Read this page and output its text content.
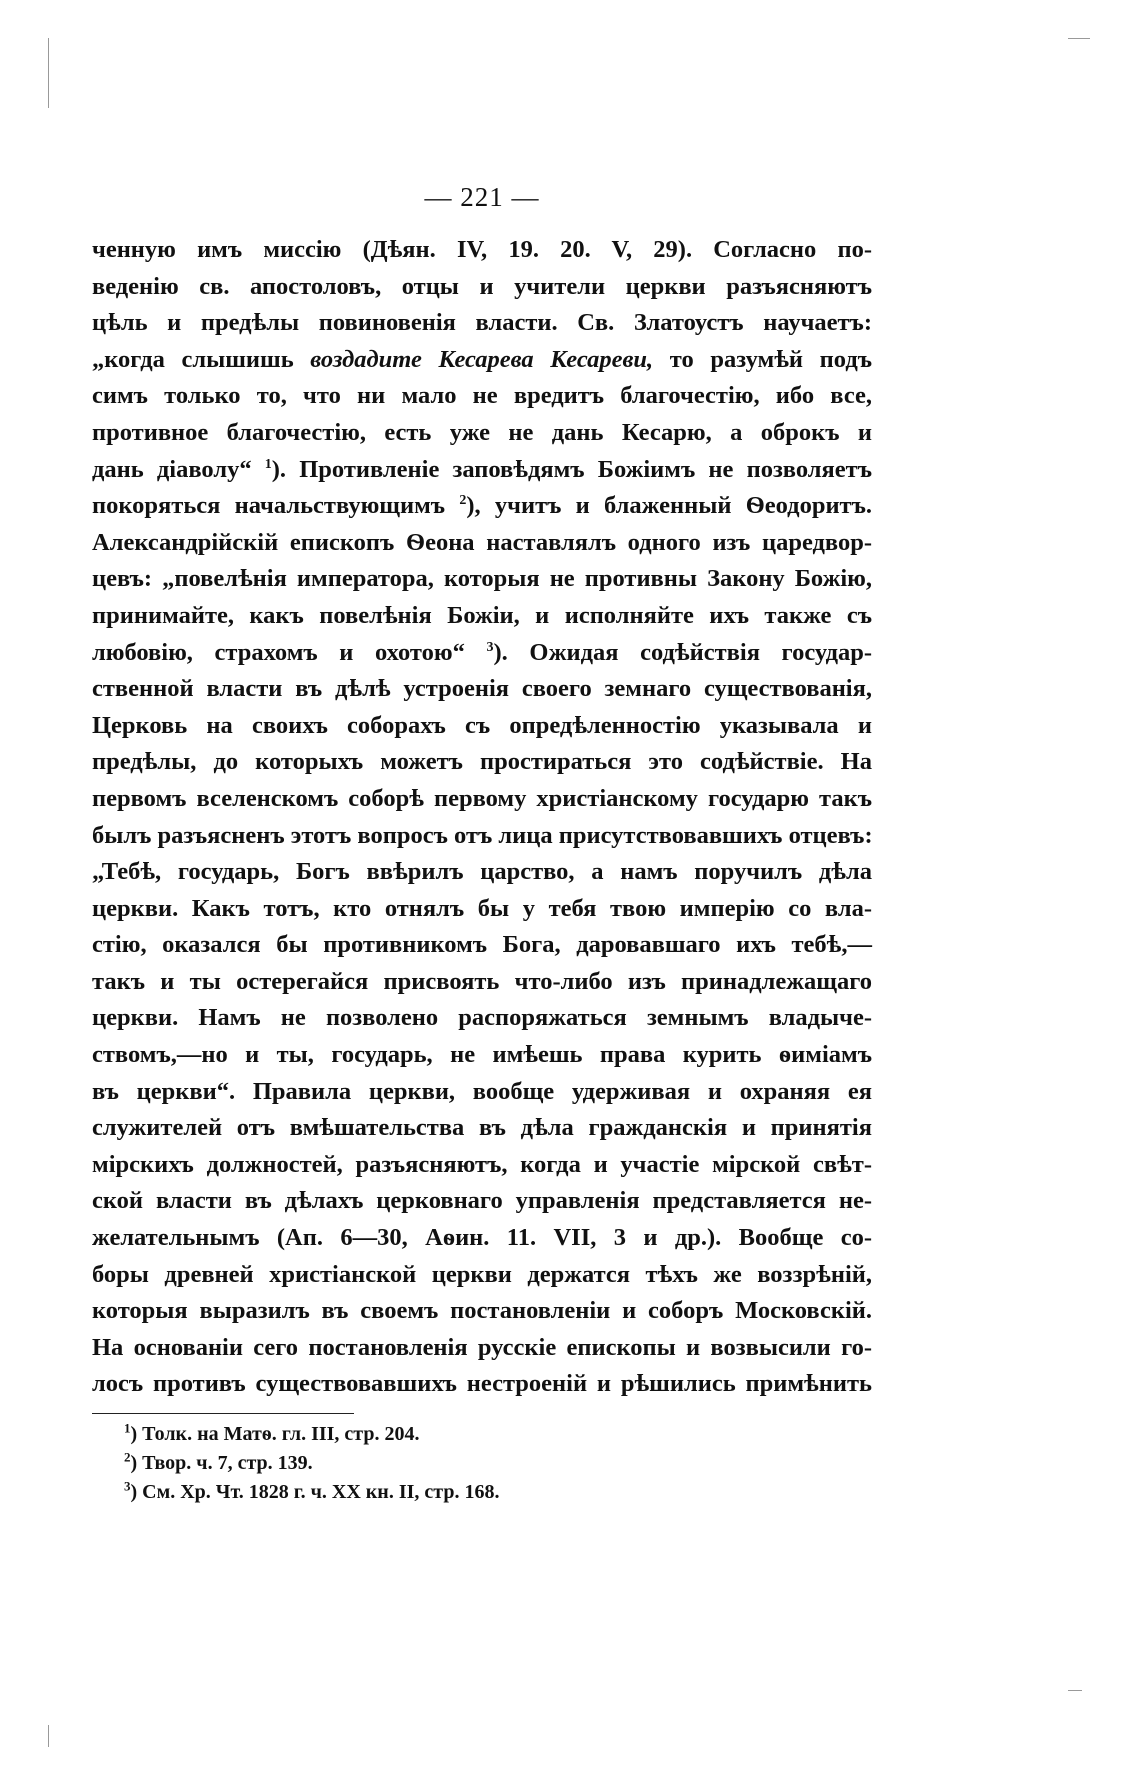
— 221 —
ченную имъ миссію (Дѣян. IV, 19. 20. V, 29). Согласно по-
веденію св. апостоловъ, отцы и учители церкви разъясняютъ
цѣль и предѣлы повиновенія власти. Св. Златоустъ научаетъ:
„когда слышишь воздадите Кесарева Кесареви, то разумѣй подъ
симъ только то, что ни мало не вредитъ благочестію, ибо все,
противное благочестію, есть уже не дань Кесарю, а оброкъ и
дань діаволу“ $^1$). Противленіе заповѣдямъ Божіимъ не позволяетъ
покоряться начальствующимъ $^2$), учитъ и блаженный Ѳеодоритъ.
Александрійскій епископъ Ѳеона наставлялъ одного изъ царедвор-
цевъ: „повелѣнія императора, которыя не противны Закону Божію,
принимайте, какъ повелѣнія Божіи, и исполняйте ихъ также съ
любовію, страхомъ и охотою“ $^3$). Ожидая содѣйствія государ-
ственной власти въ дѣлѣ устроенія своего земнаго существованія,
Церковь на своихъ соборахъ съ опредѣленностію указывала и
предѣлы, до которыхъ можетъ простираться это содѣйствіе. На
первомъ вселенскомъ соборѣ первому христіанскому государю такъ
былъ разъясненъ этотъ вопросъ отъ лица присутствовавшихъ отцевъ:
„Тебѣ, государь, Богъ ввѣрилъ царство, а намъ поручилъ дѣла
церкви. Какъ тотъ, кто отнялъ бы у тебя твою имперію со вла-
стію, оказался бы противникомъ Бога, даровавшаго ихъ тебѣ,—
такъ и ты остерегайся присвоять что-либо изъ принадлежащаго
церкви. Намъ не позволено распоряжаться земнымъ владыче-
ствомъ,—но и ты, государь, не имѣешь права курить ѳиміамъ
въ церкви“. Правила церкви, вообще удерживая и охраняя ея
служителей отъ вмѣшательства въ дѣла гражданскія и принятія
мірскихъ должностей, разъясняютъ, когда и участіе мірской свѣт-
ской власти въ дѣлахъ церковнаго управленія представляется не-
желательнымъ (Ап. 6—30, Аѳин. 11. VII, 3 и др.). Вообще со-
боры древней христіанской церкви держатся тѣхъ же воззрѣній,
которыя выразилъ въ своемъ постановленіи и соборъ Московскій.
На основаніи сего постановленія русскіе епископы и возвысили го-
лосъ противъ существовавшихъ нестроеній и рѣшились примѣнить
$^1$) Толк. на Матѳ. гл. III, стр. 204.
$^2$) Твор. ч. 7, стр. 139.
$^3$) См. Хр. Чт. 1828 г. ч. XX кн. II, стр. 168.
